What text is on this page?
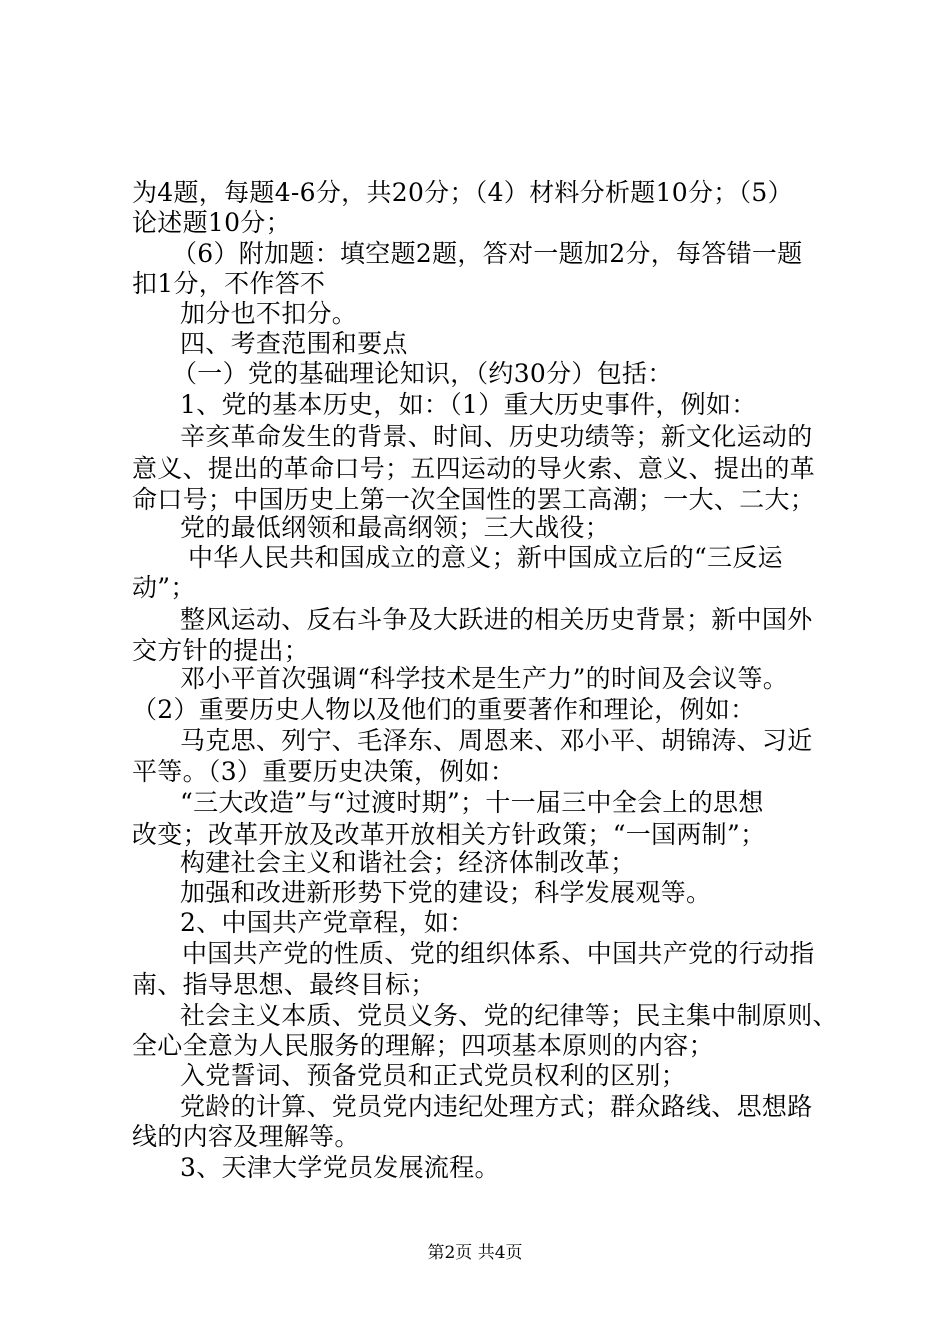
为4题，每题4-6分，共20分；（4）材料分析题10分；（5）
论述题10分；
（6）附加题：填空题2题，答对一题加2分，每答错一题
扣1分，不作答不
加分也不扣分。
四、考查范围和要点
（一）党的基础理论知识，（约30分）包括：
1、党的基本历史，如：（1）重大历史事件，例如：
辛亥革命发生的背景、时间、历史功绩等；新文化运动的
意义、提出的革命口号；五四运动的导火索、意义、提出的革
命口号；中国历史上第一次全国性的罢工高潮；一大、二大；
党的最低纲领和最高纲领；三大战役；
中华人民共和国成立的意义；新中国成立后的“三反运
动”；
整风运动、反右斗争及大跃进的相关历史背景；新中国外
交方针的提出；
邓小平首次强调“科学技术是生产力”的时间及会议等。
（2）重要历史人物以及他们的重要著作和理论，例如：
马克思、列宁、毛泽东、周恩来、邓小平、胡锦涛、习近
平等。（3）重要历史决策，例如：
“三大改造”与“过渡时期”；十一届三中全会上的思想
改变；改革开放及改革开放相关方针政策；“一国两制”；
构建社会主义和谐社会；经济体制改革；
加强和改进新形势下党的建设；科学发展观等。
2、中国共产党章程，如：
中国共产党的性质、党的组织体系、中国共产党的行动指
南、指导思想、最终目标；
社会主义本质、党员义务、党的纪律等；民主集中制原则、
全心全意为人民服务的理解；四项基本原则的内容；
入党誓词、预备党员和正式党员权利的区别；
党龄的计算、党员党内违纪处理方式；群众路线、思想路
线的内容及理解等。
3、天津大学党员发展流程。
第2页 共4页
